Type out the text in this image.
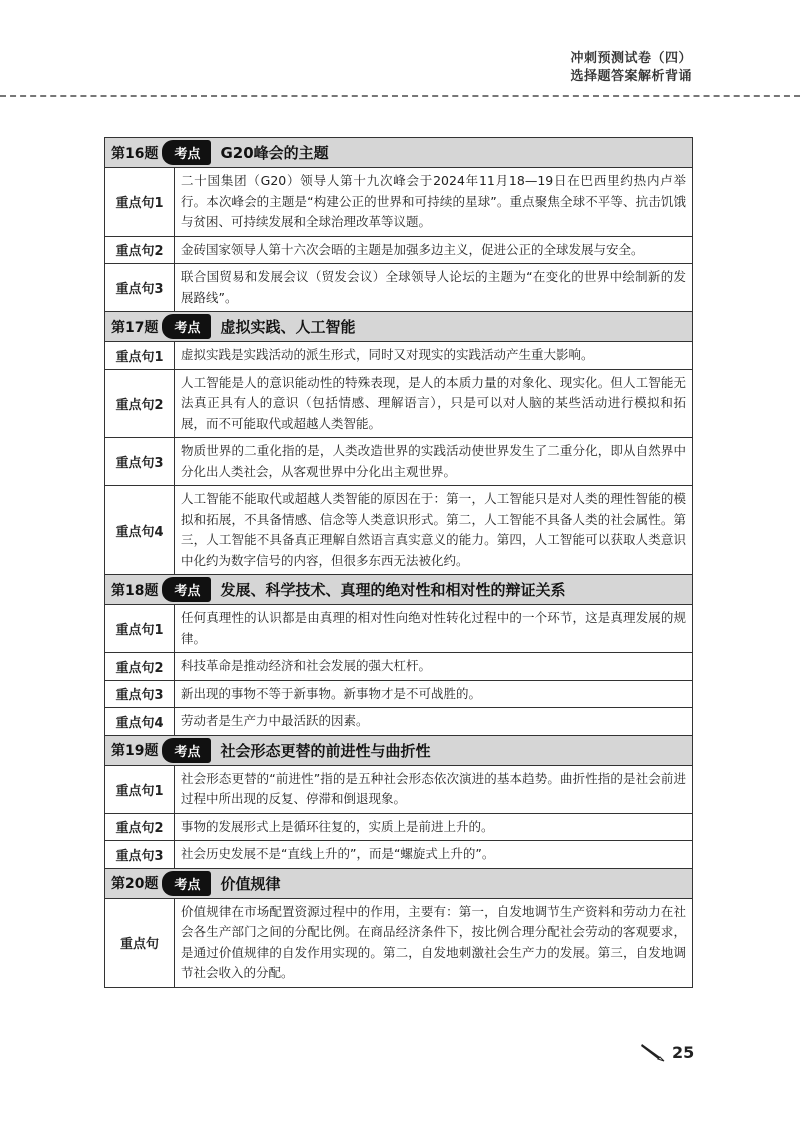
冲刺预测试卷（四）
选择题答案解析背诵
第16题 考点 G20峰会的主题	

重点句1	二十国集团（G20）领导人第十九次峰会于2024年11月18—19日在巴西里约热内卢举行。本次峰会的主题是“构建公正的世界和可持续的星球”。重点聚焦全球不平等、抗击饥饿与贫困、可持续发展和全球治理改革等议题。
重点句2	金砖国家领导人第十六次会晤的主题是加强多边主义，促进公正的全球发展与安全。
重点句3	联合国贸易和发展会议（贸发会议）全球领导人论坛的主题为“在变化的世界中绘制新的发展路线”。

第17题 考点 虚拟实践、人工智能	

重点句1	虚拟实践是实践活动的派生形式，同时又对现实的实践活动产生重大影响。
重点句2	人工智能是人的意识能动性的特殊表现，是人的本质力量的对象化、现实化。但人工智能无法真正具有人的意识（包括情感、理解语言），只是可以对人脑的某些活动进行模拟和拓展，而不可能取代或超越人类智能。
重点句3	物质世界的二重化指的是，人类改造世界的实践活动使世界发生了二重分化，即从自然界中分化出人类社会，从客观世界中分化出主观世界。
重点句4	人工智能不能取代或超越人类智能的原因在于：第一，人工智能只是对人类的理性智能的模拟和拓展，不具备情感、信念等人类意识形式。第二，人工智能不具备人类的社会属性。第三，人工智能不具备真正理解自然语言真实意义的能力。第四，人工智能可以获取人类意识中化约为数字信号的内容，但很多东西无法被化约。

第18题 考点 发展、科学技术、真理的绝对性和相对性的辩证关系	

重点句1	任何真理性的认识都是由真理的相对性向绝对性转化过程中的一个环节，这是真理发展的规律。
重点句2	科技革命是推动经济和社会发展的强大杠杆。
重点句3	新出现的事物不等于新事物。新事物才是不可战胜的。
重点句4	劳动者是生产力中最活跃的因素。

第19题 考点 社会形态更替的前进性与曲折性	

重点句1	社会形态更替的“前进性”指的是五种社会形态依次演进的基本趋势。曲折性指的是社会前进过程中所出现的反复、停滞和倒退现象。
重点句2	事物的发展形式上是循环往复的，实质上是前进上升的。
重点句3	社会历史发展不是“直线上升的”，而是“螺旋式上升的”。

第20题 考点 价值规律	

重点句	价值规律在市场配置资源过程中的作用，主要有：第一，自发地调节生产资料和劳动力在社会各生产部门之间的分配比例。在商品经济条件下，按比例合理分配社会劳动的客观要求，是通过价值规律的自发作用实现的。第二，自发地刺激社会生产力的发展。第三，自发地调节社会收入的分配。
25
